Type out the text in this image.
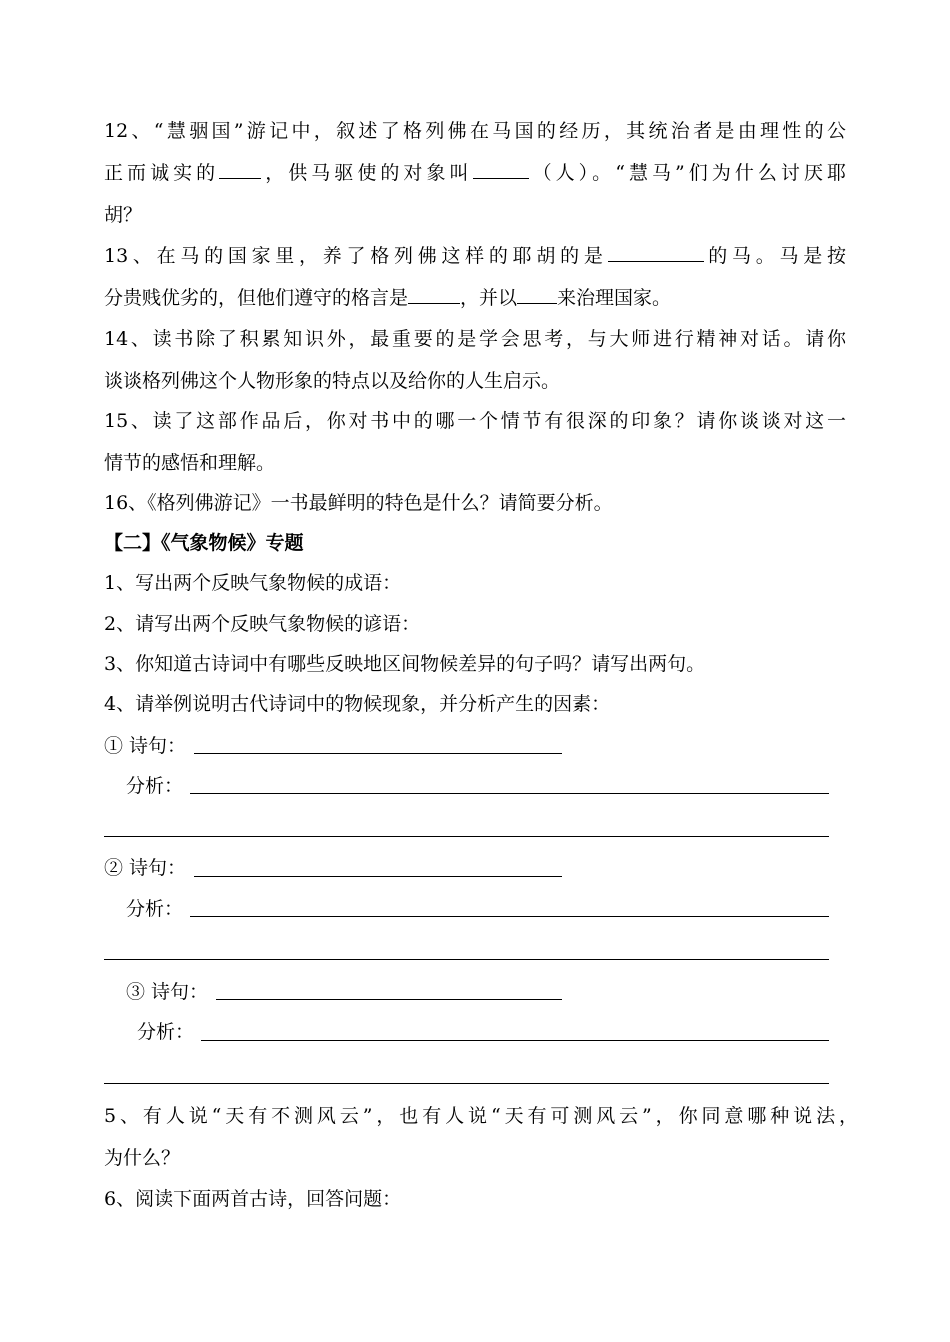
12、“慧骃国”游记中，叙述了格列佛在马国的经历，其统治者是由理性的公
正而诚实的 ，供马驱使的对象叫	（人）。“慧马”们为什么讨厌耶
胡？
13、在马的国家里，养了格列佛这样的耶胡的是	的马。马是按
分贵贱优劣的，但他们遵守的格言是	，并以 来治理国家。
14、读书除了积累知识外，最重要的是学会思考，与大师进行精神对话。请你
谈谈格列佛这个人物形象的特点以及给你的人生启示。
15、读了这部作品后，你对书中的哪一个情节有很深的印象？请你谈谈对这一
情节的感悟和理解。
16、《格列佛游记》一书最鲜明的特色是什么？请简要分析。
【二】《气象物候》专题
1、写出两个反映气象物候的成语：
2、请写出两个反映气象物候的谚语：
3、你知道古诗词中有哪些反映地区间物候差异的句子吗？请写出两句。
4、请举例说明古代诗词中的物候现象，并分析产生的因素：
① 诗句：
分析：
② 诗句：
分析：
③ 诗句：
分析：
5、有人说“天有不测风云”，也有人说“天有可测风云”，你同意哪种说法，
为什么？
6、阅读下面两首古诗，回答问题：
